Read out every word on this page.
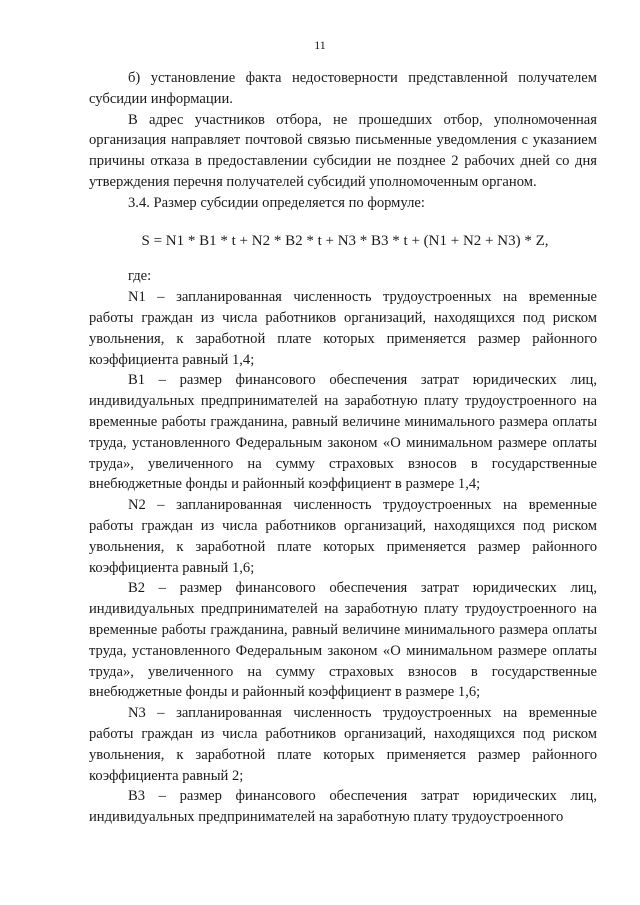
11

б) установление факта недостоверности представленной получателем субсидии информации.

В адрес участников отбора, не прошедших отбор, уполномоченная организация направляет почтовой связью письменные уведомления с указанием причины отказа в предоставлении субсидии не позднее 2 рабочих дней со дня утверждения перечня получателей субсидий уполномоченным органом.

3.4. Размер субсидии определяется по формуле:

S = N1 * B1 * t + N2 * B2 * t + N3 * B3 * t + (N1 + N2 + N3) * Z,

где:

N1 – запланированная численность трудоустроенных на временные работы граждан из числа работников организаций, находящихся под риском увольнения, к заработной плате которых применяется размер районного коэффициента равный 1,4;

B1 – размер финансового обеспечения затрат юридических лиц, индивидуальных предпринимателей на заработную плату трудоустроенного на временные работы гражданина, равный величине минимального размера оплаты труда, установленного Федеральным законом «О минимальном размере оплаты труда», увеличенного на сумму страховых взносов в государственные внебюджетные фонды и районный коэффициент в размере 1,4;

N2 – запланированная численность трудоустроенных на временные работы граждан из числа работников организаций, находящихся под риском увольнения, к заработной плате которых применяется размер районного коэффициента равный 1,6;

B2 – размер финансового обеспечения затрат юридических лиц, индивидуальных предпринимателей на заработную плату трудоустроенного на временные работы гражданина, равный величине минимального размера оплаты труда, установленного Федеральным законом «О минимальном размере оплаты труда», увеличенного на сумму страховых взносов в государственные внебюджетные фонды и районный коэффициент в размере 1,6;

N3 – запланированная численность трудоустроенных на временные работы граждан из числа работников организаций, находящихся под риском увольнения, к заработной плате которых применяется размер районного коэффициента равный 2;

B3 – размер финансового обеспечения затрат юридических лиц, индивидуальных предпринимателей на заработную плату трудоустроенного
